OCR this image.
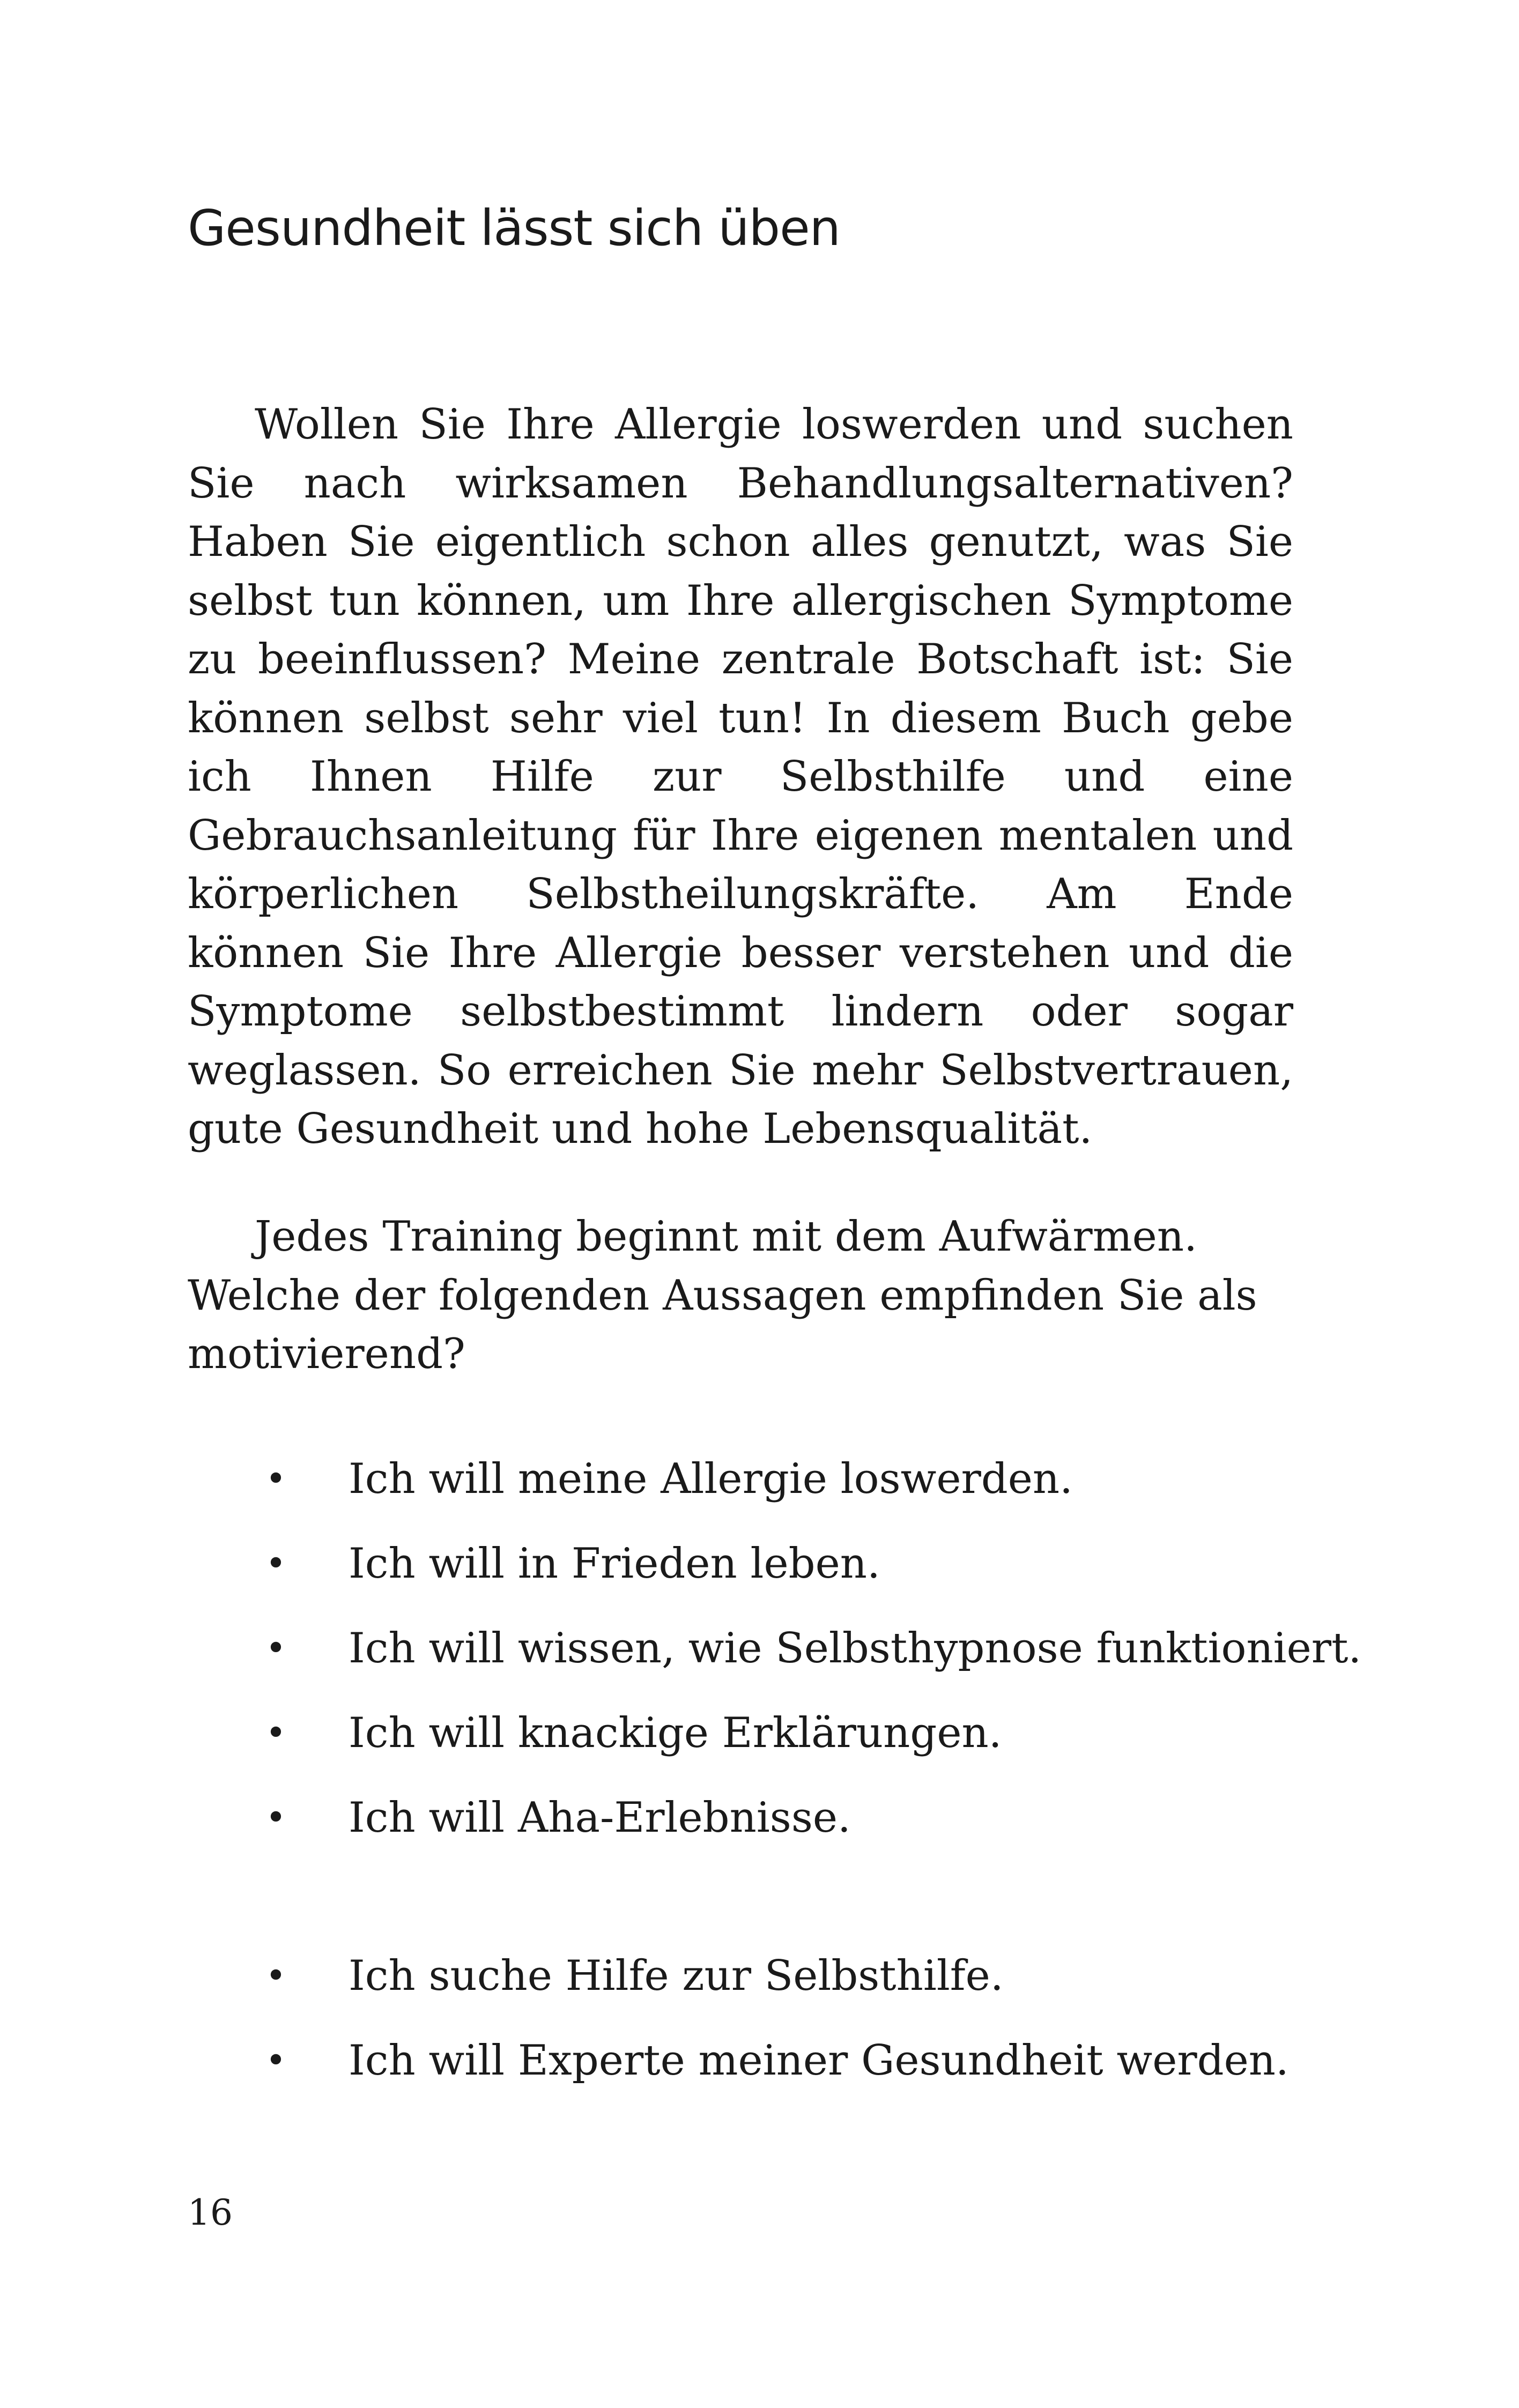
Gesundheit lässt sich üben

Wollen Sie Ihre Allergie loswerden und suchen Sie nach wirksamen Behandlungsalternativen? Haben Sie eigentlich schon alles genutzt, was Sie selbst tun können, um Ihre allergischen Symptome zu beeinflussen? Meine zentrale Botschaft ist: Sie können selbst sehr viel tun! In diesem Buch gebe ich Ihnen Hilfe zur Selbsthilfe und eine Gebrauchsanleitung für Ihre eigenen mentalen und körperlichen Selbstheilungskräfte. Am Ende können Sie Ihre Allergie besser verstehen und die Symptome selbstbestimmt lindern oder sogar weglassen. So erreichen Sie mehr Selbstvertrauen, gute Gesundheit und hohe Lebensqualität.

Jedes Training beginnt mit dem Aufwärmen. Welche der folgenden Aussagen empfinden Sie als motivierend?

• Ich will meine Allergie loswerden.
• Ich will in Frieden leben.
• Ich will wissen, wie Selbsthypnose funktioniert.
• Ich will knackige Erklärungen.
• Ich will Aha-Erlebnisse.
• Ich suche Hilfe zur Selbsthilfe.
• Ich will Experte meiner Gesundheit werden.
16
